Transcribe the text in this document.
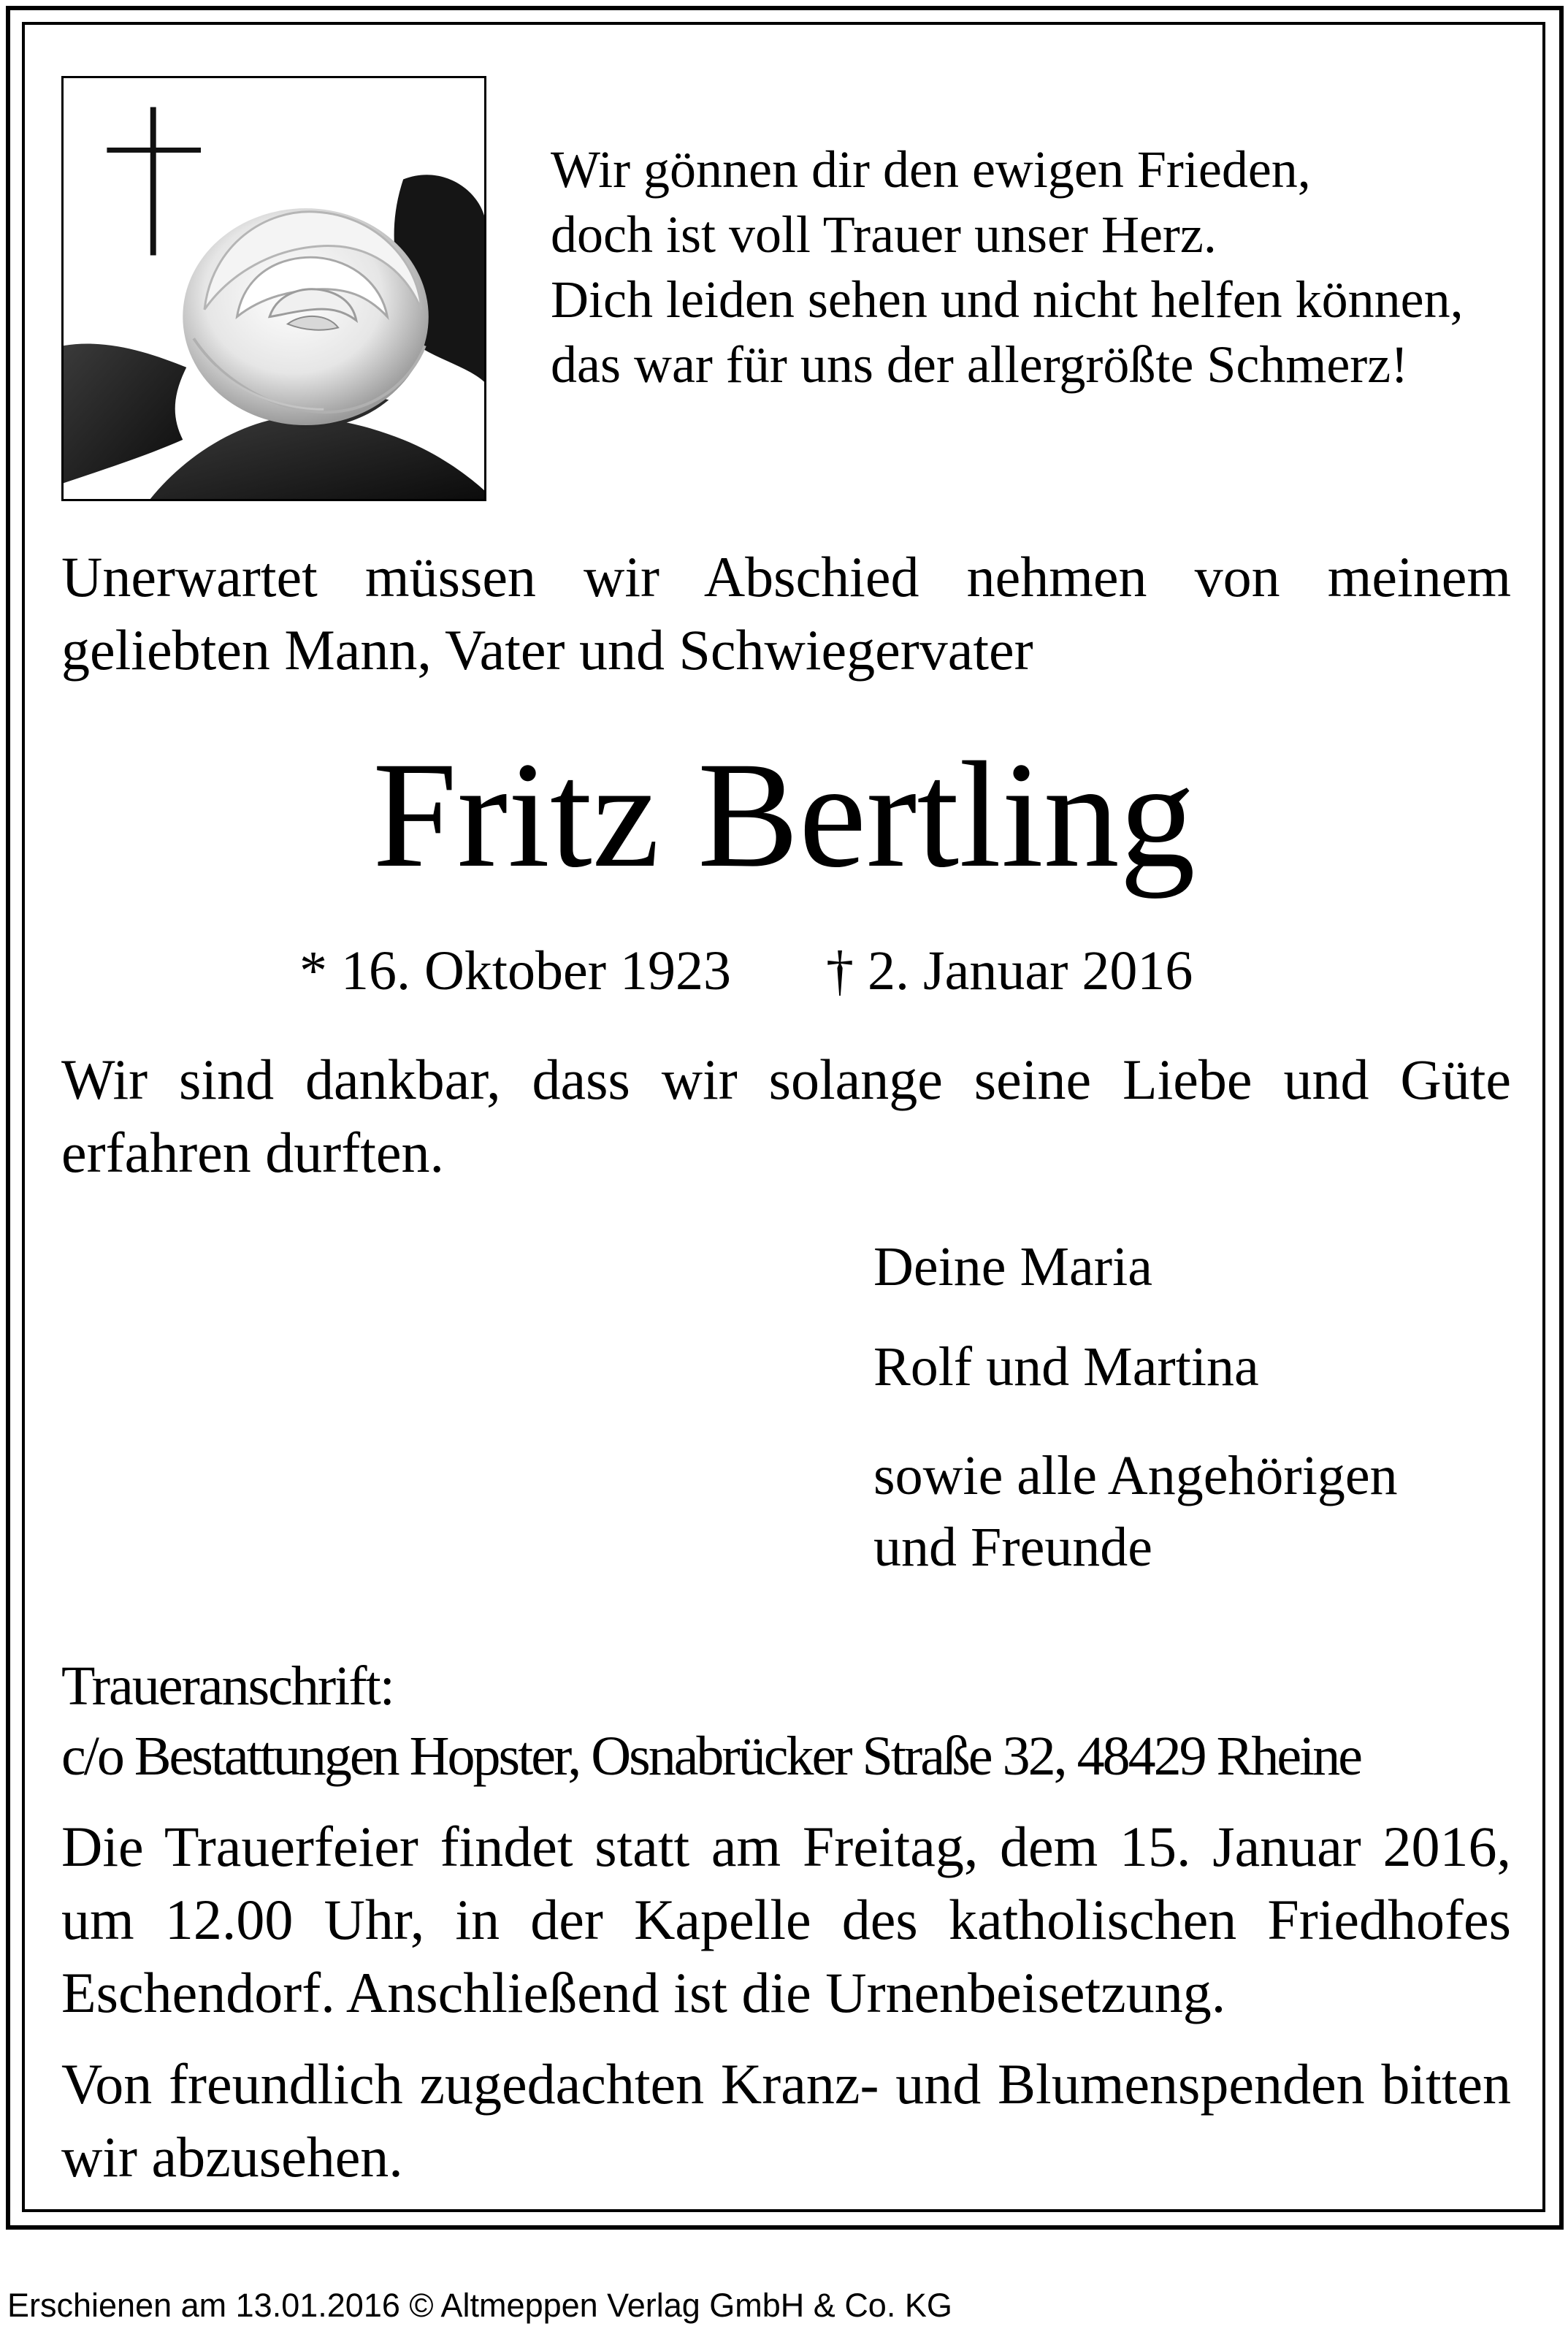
Wir gönnen dir den ewigen Frieden,
doch ist voll Trauer unser Herz.
Dich leiden sehen und nicht helfen können,
das war für uns der allergrößte Schmerz!
Unerwartet müssen wir Abschied nehmen von meinem geliebten Mann, Vater und Schwiegervater
Fritz Bertling
* 16. Oktober 1923 † 2. Januar 2016
Wir sind dankbar, dass wir solange seine Liebe und Güte erfahren durften.
Deine Maria
Rolf und Martina
sowie alle Angehörigen
und Freunde
Traueranschrift:
c/o Bestattungen Hopster, Osnabrücker Straße 32, 48429 Rheine
Die Trauerfeier findet statt am Freitag, dem 15. Januar 2016, um 12.00 Uhr, in der Kapelle des katholischen Friedhofes Eschendorf. Anschließend ist die Urnenbeisetzung.
Von freundlich zugedachten Kranz- und Blumenspenden bitten wir abzusehen.
Erschienen am 13.01.2016 © Altmeppen Verlag GmbH & Co. KG
